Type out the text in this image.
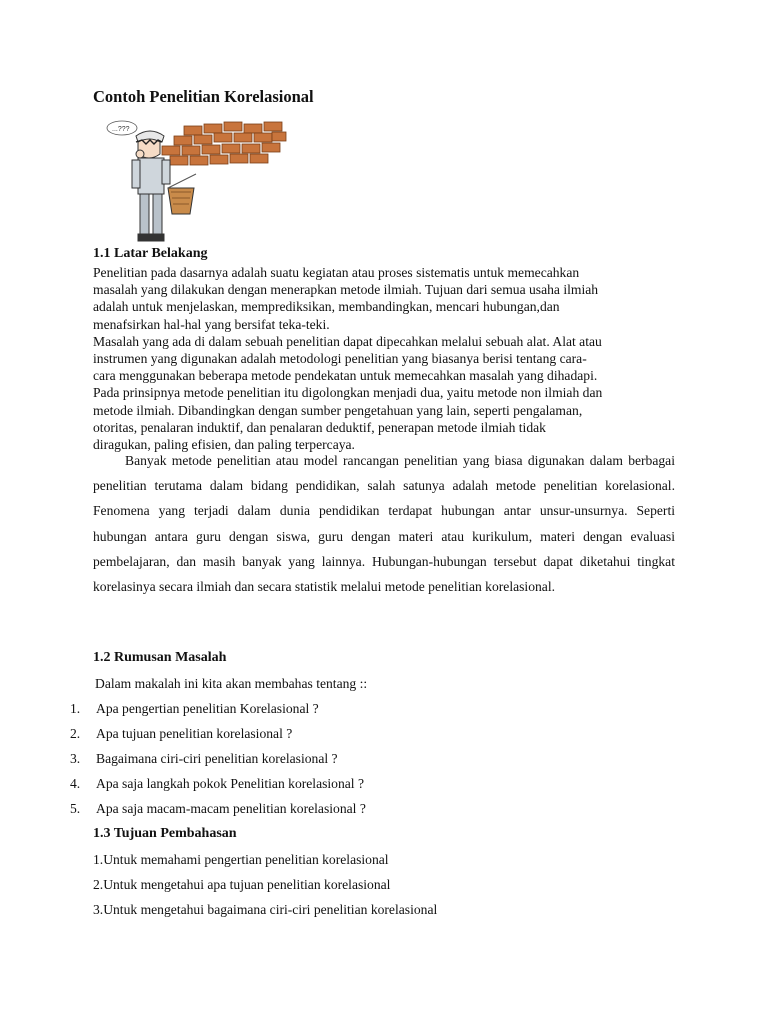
Contoh Penelitian Korelasional
...???
1.1 Latar Belakang

Penelitian pada dasarnya adalah suatu kegiatan atau proses sistematis untuk memecahkan
masalah yang dilakukan dengan menerapkan metode ilmiah. Tujuan dari semua usaha ilmiah
adalah untuk menjelaskan, memprediksikan, membandingkan, mencari hubungan,dan
menafsirkan hal-hal yang bersifat teka-teki.

Masalah yang ada di dalam sebuah penelitian dapat dipecahkan melalui sebuah alat. Alat atau
instrumen yang digunakan adalah metodologi penelitian yang biasanya berisi tentang cara-
cara menggunakan beberapa metode pendekatan untuk memecahkan masalah yang dihadapi.

Pada prinsipnya metode penelitian itu digolongkan menjadi dua, yaitu metode non ilmiah dan
metode ilmiah. Dibandingkan dengan sumber pengetahuan yang lain, seperti pengalaman,
otoritas, penalaran induktif, dan penalaran deduktif, penerapan metode ilmiah tidak
diragukan, paling efisien, dan paling terpercaya.

Banyak metode penelitian atau model rancangan penelitian yang biasa digunakan dalam berbagai penelitian terutama dalam bidang pendidikan, salah satunya adalah metode penelitian korelasional. Fenomena yang terjadi dalam dunia pendidikan terdapat hubungan antar unsur-unsurnya. Seperti hubungan antara guru dengan siswa, guru dengan materi atau kurikulum, materi dengan evaluasi pembelajaran, dan masih banyak yang lainnya. Hubungan-hubungan tersebut dapat diketahui tingkat korelasinya secara ilmiah dan secara statistik melalui metode penelitian korelasional.

1.2 Rumusan Masalah

Dalam makalah ini kita akan membahas tentang ::

1.	Apa pengertian penelitian Korelasional ?
2.	Apa tujuan penelitian korelasional ?
3.	Bagaimana ciri-ciri penelitian korelasional ?
4.	Apa saja langkah pokok Penelitian korelasional ?
5.	Apa saja macam-macam penelitian korelasional ?
1.3 Tujuan Pembahasan
1.Untuk memahami pengertian penelitian korelasional
2.Untuk mengetahui apa tujuan penelitian korelasional
3.Untuk mengetahui bagaimana ciri-ciri penelitian korelasional
